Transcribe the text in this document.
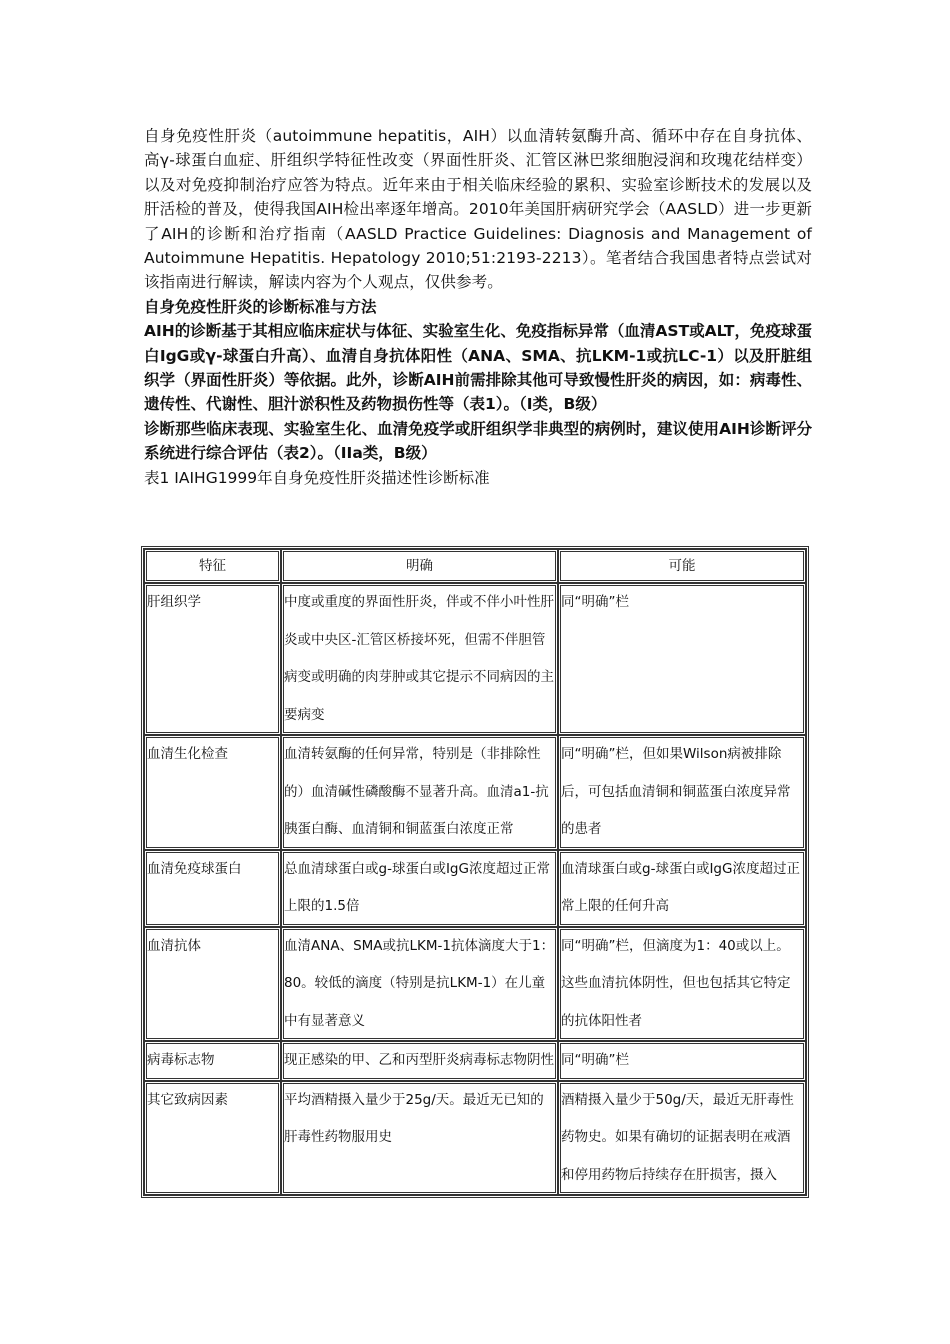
自身免疫性肝炎（autoimmune hepatitis，AIH）以血清转氨酶升高、循环中存在自身抗体、高γ-球蛋白血症、肝组织学特征性改变（界面性肝炎、汇管区淋巴浆细胞浸润和玫瑰花结样变）以及对免疫抑制治疗应答为特点。近年来由于相关临床经验的累积、实验室诊断技术的发展以及肝活检的普及，使得我国AIH检出率逐年增高。2010年美国肝病研究学会（AASLD）进一步更新了AIH的诊断和治疗指南（AASLD Practice Guidelines: Diagnosis and Management of Autoimmune Hepatitis. Hepatology 2010;51:2193-2213）。笔者结合我国患者特点尝试对该指南进行解读，解读内容为个人观点，仅供参考。

自身免疫性肝炎的诊断标准与方法

AIH的诊断基于其相应临床症状与体征、实验室生化、免疫指标异常（血清AST或ALT，免疫球蛋白IgG或γ-球蛋白升高）、血清自身抗体阳性（ANA、SMA、抗LKM-1或抗LC-1）以及肝脏组织学（界面性肝炎）等依据。此外，诊断AIH前需排除其他可导致慢性肝炎的病因，如：病毒性、遗传性、代谢性、胆汁淤积性及药物损伤性等（表1）。（I类，B级）

诊断那些临床表现、实验室生化、血清免疫学或肝组织学非典型的病例时，建议使用AIH诊断评分系统进行综合评估（表2）。（IIa类，B级）

表1 IAIHG1999年自身免疫性肝炎描述性诊断标准

特征	明确	可能

肝组织学	中度或重度的界面性肝炎，伴或不伴小叶性肝炎或中央区-汇管区桥接坏死，但需不伴胆管病变或明确的肉芽肿或其它提示不同病因的主要病变	同“明确”栏

血清生化检查	血清转氨酶的任何异常，特别是（非排除性的）血清碱性磷酸酶不显著升高。血清a1-抗胰蛋白酶、血清铜和铜蓝蛋白浓度正常	同“明确”栏，但如果Wilson病被排除后，可包括血清铜和铜蓝蛋白浓度异常的患者

血清免疫球蛋白	总血清球蛋白或g-球蛋白或IgG浓度超过正常上限的1.5倍	血清球蛋白或g-球蛋白或IgG浓度超过正常上限的任何升高

血清抗体	血清ANA、SMA或抗LKM-1抗体滴度大于1：80。较低的滴度（特别是抗LKM-1）在儿童中有显著意义	同“明确”栏，但滴度为1：40或以上。这些血清抗体阴性，但也包括其它特定的抗体阳性者

病毒标志物	现正感染的甲、乙和丙型肝炎病毒标志物阴性	同“明确”栏

其它致病因素	平均酒精摄入量少于25g/天。最近无已知的肝毒性药物服用史	酒精摄入量少于50g/天，最近无肝毒性药物史。如果有确切的证据表明在戒酒和停用药物后持续存在肝损害，摄入
